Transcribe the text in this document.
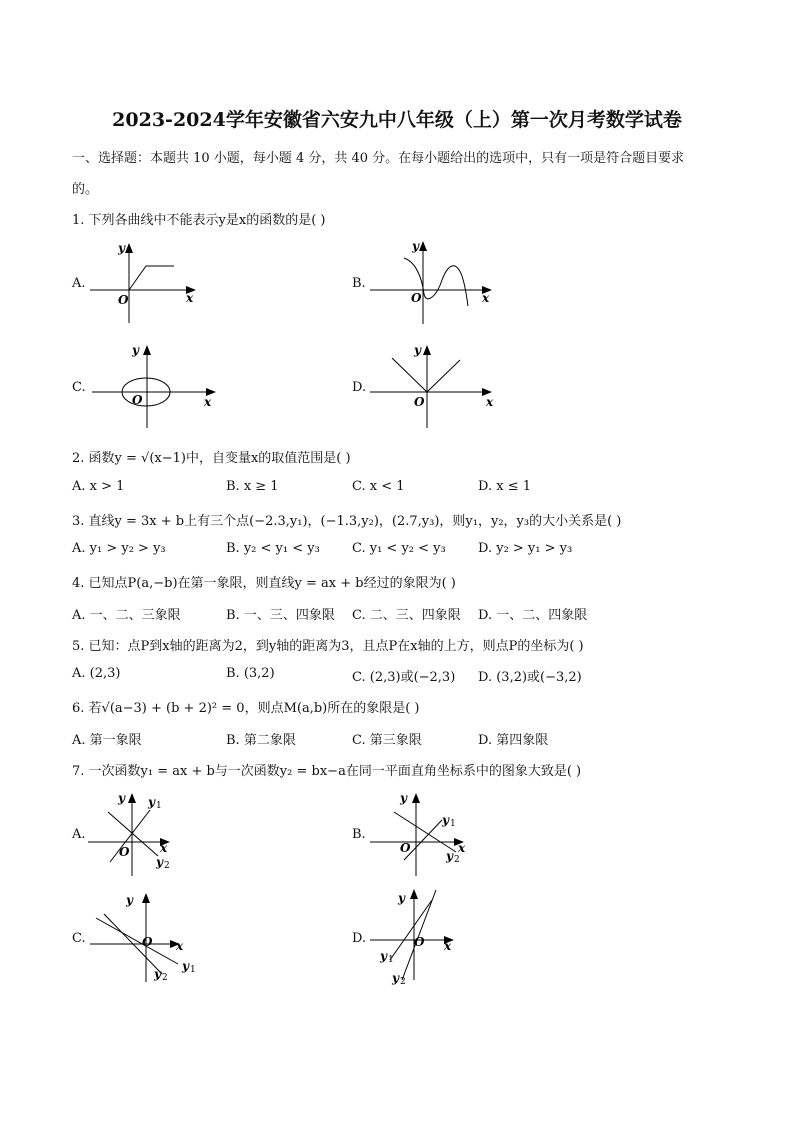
2023-2024学年安徽省六安九中八年级（上）第一次月考数学试卷
一、选择题：本题共 10 小题，每小题 4 分，共 40 分。在每小题给出的选项中，只有一项是符合题目要求
的。
1. 下列各曲线中不能表示y是x的函数的是( )
A.
y
x
O
B.
y
x
O
C.
y
x
O
D.
y
x
O
2. 函数y = √(x−1)中，自变量x的取值范围是( )
A. x > 1	B. x ≥ 1	C. x < 1	D. x ≤ 1
3. 直线y = 3x + b上有三个点(−2.3,y₁)，(−1.3,y₂)，(2.7,y₃)，则y₁，y₂，y₃的大小关系是( )
A. y₁ > y₂ > y₃	B. y₂ < y₁ < y₃ C. y₁ < y₂ < y₃ D. y₂ > y₁ > y₃
4. 已知点P(a,−b)在第一象限，则直线y = ax + b经过的象限为( )
A. 一、二、三象限	B. 一、三、四象限 C. 二、三、四象限 D. 一、二、四象限
5. 已知：点P到x轴的距离为2，到y轴的距离为3，且点P在x轴的上方，则点P的坐标为( )
A. (2,3)	B. (3,2)	C. (2,3)或(−2,3) D. (3,2)或(−3,2)
6. 若√(a−3) + (b + 2)² = 0，则点M(a,b)所在的象限是( )
A. 第一象限	B. 第二象限	C. 第三象限	D. 第四象限
7. 一次函数y₁ = ax + b与一次函数y₂ = bx−a在同一平面直角坐标系中的图象大致是( )
A.
y
x
O
y 1
y 2
B.
y
x
O
y 1
y 2
C.
y
x
O
y 1
y 2
D.
y
x
O
y 1
y 2
